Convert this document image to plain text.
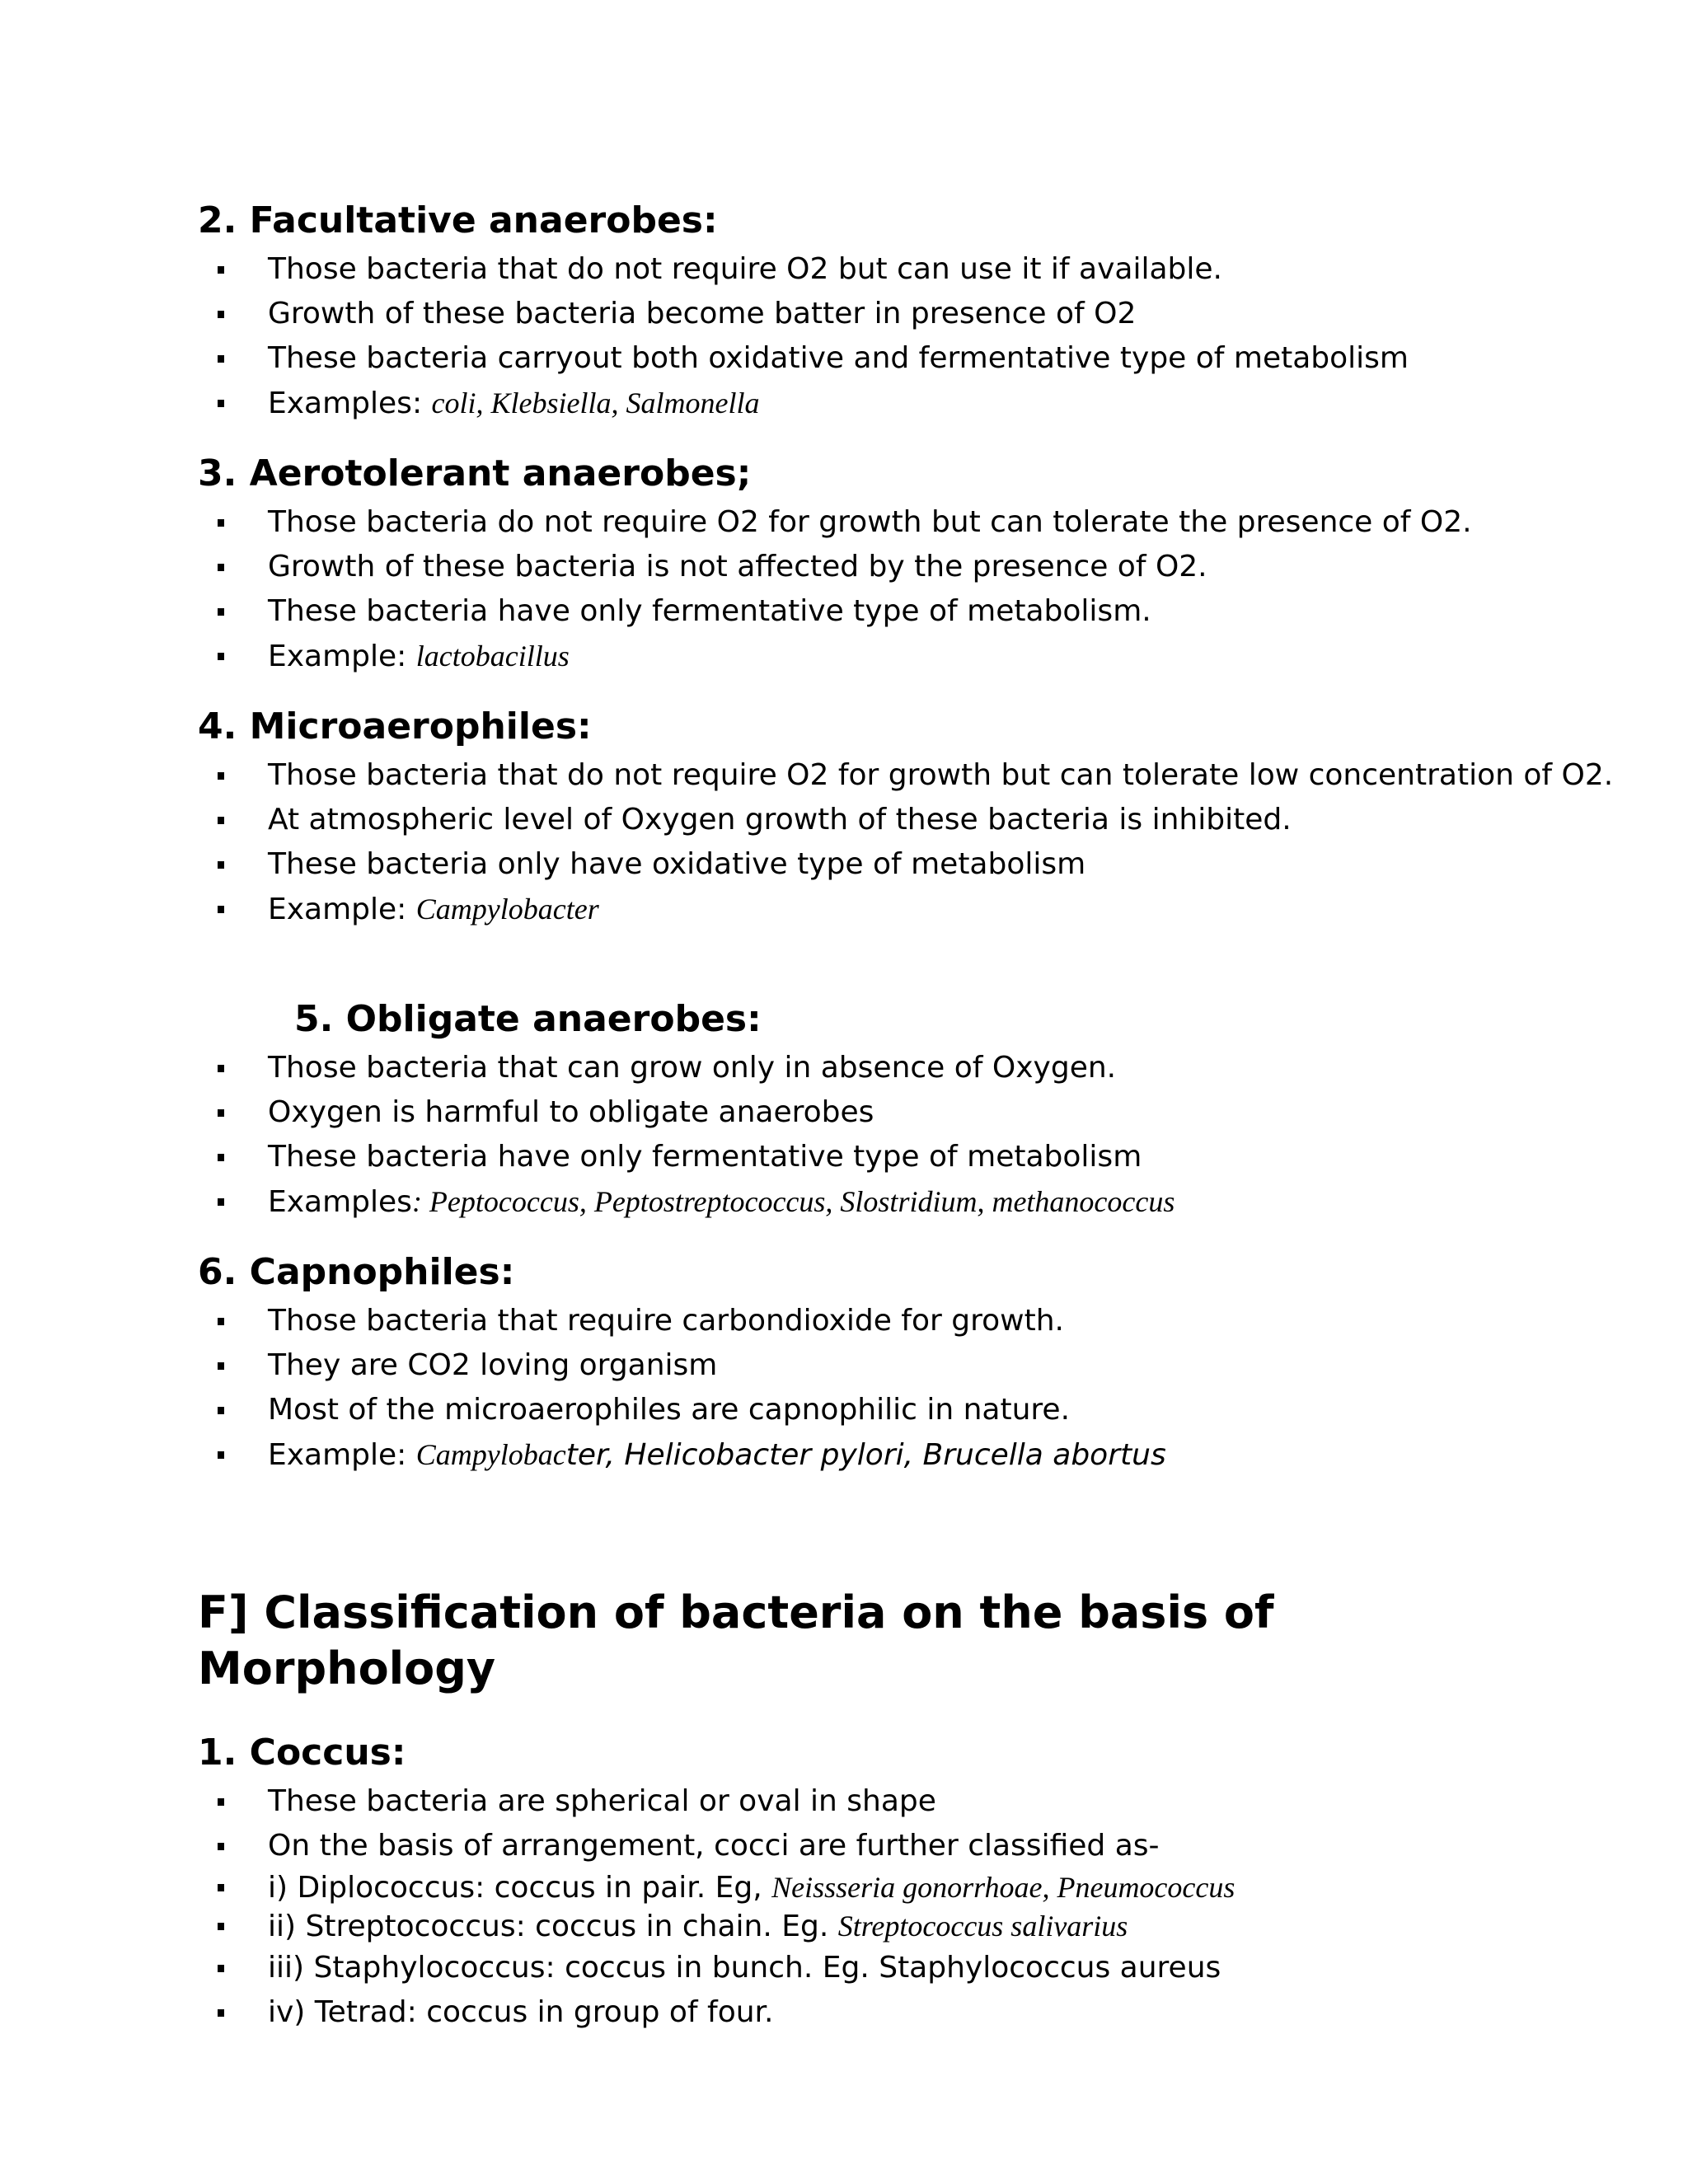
2. Facultative anaerobes:
Those bacteria that do not require O2 but can use it if available.
Growth of these bacteria become batter in presence of O2
These bacteria carryout both oxidative and fermentative type of metabolism
Examples: coli, Klebsiella, Salmonella
3. Aerotolerant anaerobes;
Those bacteria do not require O2 for growth but can tolerate the presence of O2.
Growth of these bacteria is not affected by the presence of O2.
These bacteria have only fermentative type of metabolism.
Example: lactobacillus
4. Microaerophiles:
Those bacteria that do not require O2 for growth but can tolerate low concentration of O2.
At atmospheric level of Oxygen growth of these bacteria is inhibited.
These bacteria only have oxidative type of metabolism
Example: Campylobacter
5. Obligate anaerobes:
Those bacteria that can grow only in absence of Oxygen.
Oxygen is harmful to obligate anaerobes
These bacteria have only fermentative type of metabolism
Examples: Peptococcus, Peptostreptococcus, Slostridium, methanococcus
6. Capnophiles:
Those bacteria that require carbondioxide for growth.
They are CO2 loving organism
Most of the microaerophiles are capnophilic in nature.
Example: Campylobacter, Helicobacter pylori, Brucella abortus
F] Classification of bacteria on the basis of Morphology
1. Coccus:
These bacteria are spherical or oval in shape
On the basis of arrangement, cocci are further classified as-
i) Diplococcus: coccus in pair. Eg, Neissseria gonorrhoae, Pneumococcus
ii) Streptococcus: coccus in chain. Eg. Streptococcus salivarius
iii) Staphylococcus: coccus in bunch. Eg. Staphylococcus aureus
iv) Tetrad: coccus in group of four.
